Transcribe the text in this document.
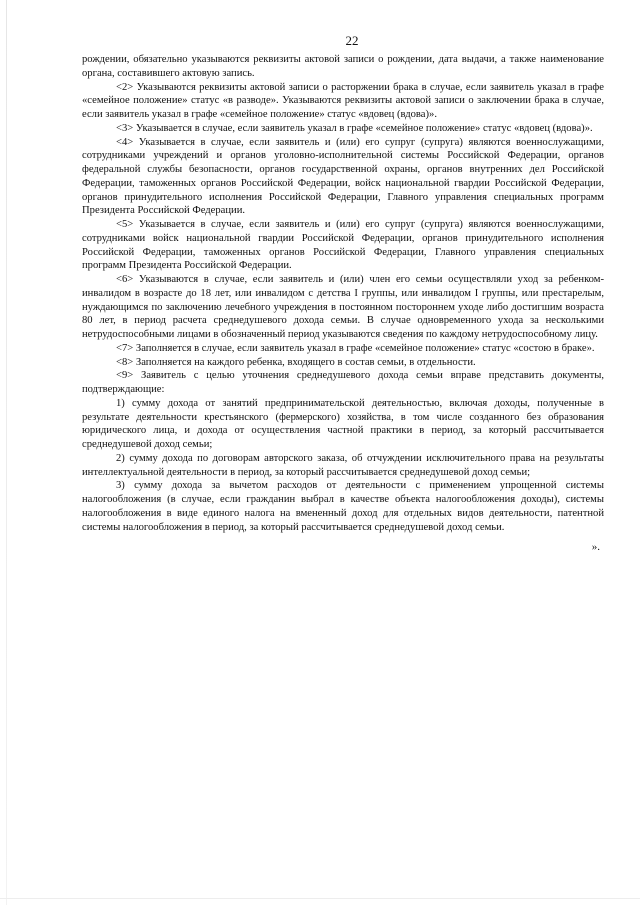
22

рождении, обязательно указываются реквизиты актовой записи о рождении, дата выдачи, а также наименование органа, составившего актовую запись.

<2> Указываются реквизиты актовой записи о расторжении брака в случае, если заявитель указал в графе «семейное положение» статус «в разводе». Указываются реквизиты актовой записи о заключении брака в случае, если заявитель указал в графе «семейное положение» статус «вдовец (вдова)».

<3> Указывается в случае, если заявитель указал в графе «семейное положение» статус «вдовец (вдова)».

<4> Указывается в случае, если заявитель и (или) его супруг (супруга) являются военнослужащими, сотрудниками учреждений и органов уголовно-исполнительной системы Российской Федерации, органов федеральной службы безопасности, органов государственной охраны, органов внутренних дел Российской Федерации, таможенных органов Российской Федерации, войск национальной гвардии Российской Федерации, органов принудительного исполнения Российской Федерации, Главного управления специальных программ Президента Российской Федерации.

<5> Указывается в случае, если заявитель и (или) его супруг (супруга) являются военнослужащими, сотрудниками войск национальной гвардии Российской Федерации, органов принудительного исполнения Российской Федерации, таможенных органов Российской Федерации, Главного управления специальных программ Президента Российской Федерации.

<6> Указываются в случае, если заявитель и (или) член его семьи осуществляли уход за ребенком-инвалидом в возрасте до 18 лет, или инвалидом с детства I группы, или инвалидом I группы, или престарелым, нуждающимся по заключению лечебного учреждения в постоянном постороннем уходе либо достигшим возраста 80 лет, в период расчета среднедушевого дохода семьи. В случае одновременного ухода за несколькими нетрудоспособными лицами в обозначенный период указываются сведения по каждому нетрудоспособному лицу.

<7> Заполняется в случае, если заявитель указал в графе «семейное положение» статус «состою в браке».

<8> Заполняется на каждого ребенка, входящего в состав семьи, в отдельности.

<9> Заявитель с целью уточнения среднедушевого дохода семьи вправе представить документы, подтверждающие:

1) сумму дохода от занятий предпринимательской деятельностью, включая доходы, полученные в результате деятельности крестьянского (фермерского) хозяйства, в том числе созданного без образования юридического лица, и дохода от осуществления частной практики в период, за который рассчитывается среднедушевой доход семьи;

2) сумму дохода по договорам авторского заказа, об отчуждении исключительного права на результаты интеллектуальной деятельности в период, за который рассчитывается среднедушевой доход семьи;

3) сумму дохода за вычетом расходов от деятельности с применением упрощенной системы налогообложения (в случае, если гражданин выбрал в качестве объекта налогообложения доходы), системы налогообложения в виде единого налога на вмененный доход для отдельных видов деятельности, патентной системы налогообложения в период, за который рассчитывается среднедушевой доход семьи.

».
